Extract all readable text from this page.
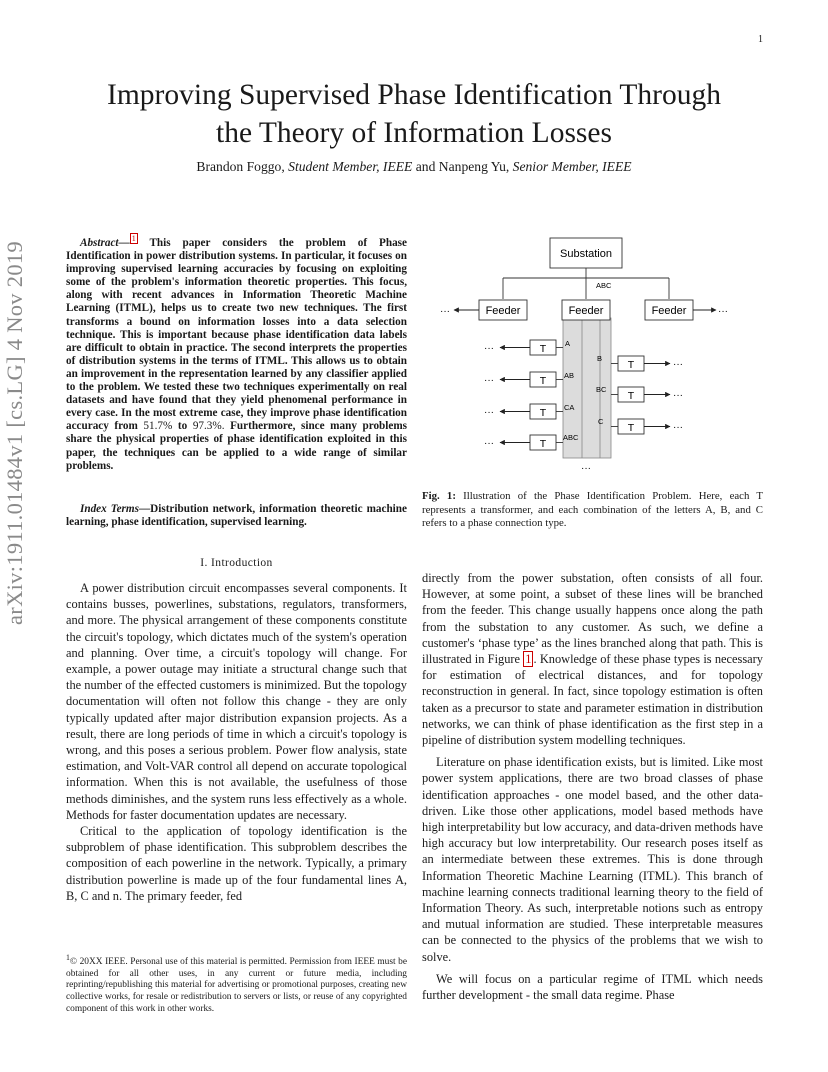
1
arXiv:1911.01484v1 [cs.LG] 4 Nov 2019
Improving Supervised Phase Identification Through
the Theory of Information Losses
Brandon Foggo, Student Member, IEEE and Nanpeng Yu, Senior Member, IEEE

Abstract— $^1$ This paper considers the problem of Phase Identification in power distribution systems. In particular, it focuses on improving supervised learning accuracies by focusing on exploiting some of the problem's information theoretic properties. This focus, along with recent advances in Information Theoretic Machine Learning (ITML), helps us to create two new techniques. The first transforms a bound on information losses into a data selection technique. This is important because phase identification data labels are difficult to obtain in practice. The second interprets the properties of distribution systems in the terms of ITML. This allows us to obtain an improvement in the representation learned by any classifier applied to the problem. We tested these two techniques experimentally on real datasets and have found that they yield phenomenal performance in every case. In the most extreme case, they improve phase identification accuracy from 51.7% to 97.3%. Furthermore, since many problems share the physical properties of phase identification exploited in this paper, the techniques can be applied to a wide range of similar problems.

Index Terms—Distribution network, information theoretic machine learning, phase identification, supervised learning.

Substation
ABC
Feeder	Feeder	Feeder
···	···
T
···
T
···
T
···
T
···
T	···
T	···
T	···
A
B
AB
BC
CA
C
ABC
···
Fig. 1: Illustration of the Phase Identification Problem. Here, each T represents a transformer, and each combination of the letters A, B, and C refers to a phase connection type.
I. Introduction

A power distribution circuit encompasses several components. It contains busses, powerlines, substations, regulators, transformers, and more. The physical arrangement of these components constitute the circuit's topology, which dictates much of the system's operation and planning. Over time, a circuit's topology will change. For example, a power outage may initiate a structural change such that the number of the effected customers is minimized. But the topology documentation will often not follow this change - they are only typically updated after major distribution expansion projects. As a result, there are long periods of time in which a circuit's topology is wrong, and this poses a serious problem. Power flow analysis, state estimation, and Volt-VAR control all depend on accurate topological information. When this is not available, the usefulness of those methods diminishes, and the system runs less effectively as a whole. Methods for faster documentation updates are necessary.

Critical to the application of topology identification is the subproblem of phase identification. This subproblem describes the composition of each powerline in the network. Typically, a primary distribution powerline is made up of the four fundamental lines A, B, C and n. The primary feeder, fed

$^1$© 20XX IEEE. Personal use of this material is permitted. Permission from IEEE must be obtained for all other uses, in any current or future media, including reprinting/republishing this material for advertising or promotional purposes, creating new collective works, for resale or redistribution to servers or lists, or reuse of any copyrighted component of this work in other works.

directly from the power substation, often consists of all four. However, at some point, a subset of these lines will be branched from the feeder. This change usually happens once along the path from the substation to any customer. As such, we define a customer's ‘phase type’ as the lines branched along that path. This is illustrated in Figure 1 . Knowledge of these phase types is necessary for estimation of electrical distances, and for topology reconstruction in general. In fact, since topology estimation is often taken as a precursor to state and parameter estimation in distribution networks, we can think of phase identification as the first step in a pipeline of distribution system modelling techniques.

Literature on phase identification exists, but is limited. Like most power system applications, there are two broad classes of phase identification approaches - one model based, and the other data-driven. Like those other applications, model based methods have high interpretability but low accuracy, and data-driven methods have high accuracy but low interpretability. Our research poses itself as an intermediate between these extremes. This is done through Information Theoretic Machine Learning (ITML). This branch of machine learning connects traditional learning theory to the field of Information Theory. As such, interpretable notions such as entropy and mutual information are studied. These interpretable measures can be connected to the physics of the problems that we wish to solve.

We will focus on a particular regime of ITML which needs further development - the small data regime. Phase
